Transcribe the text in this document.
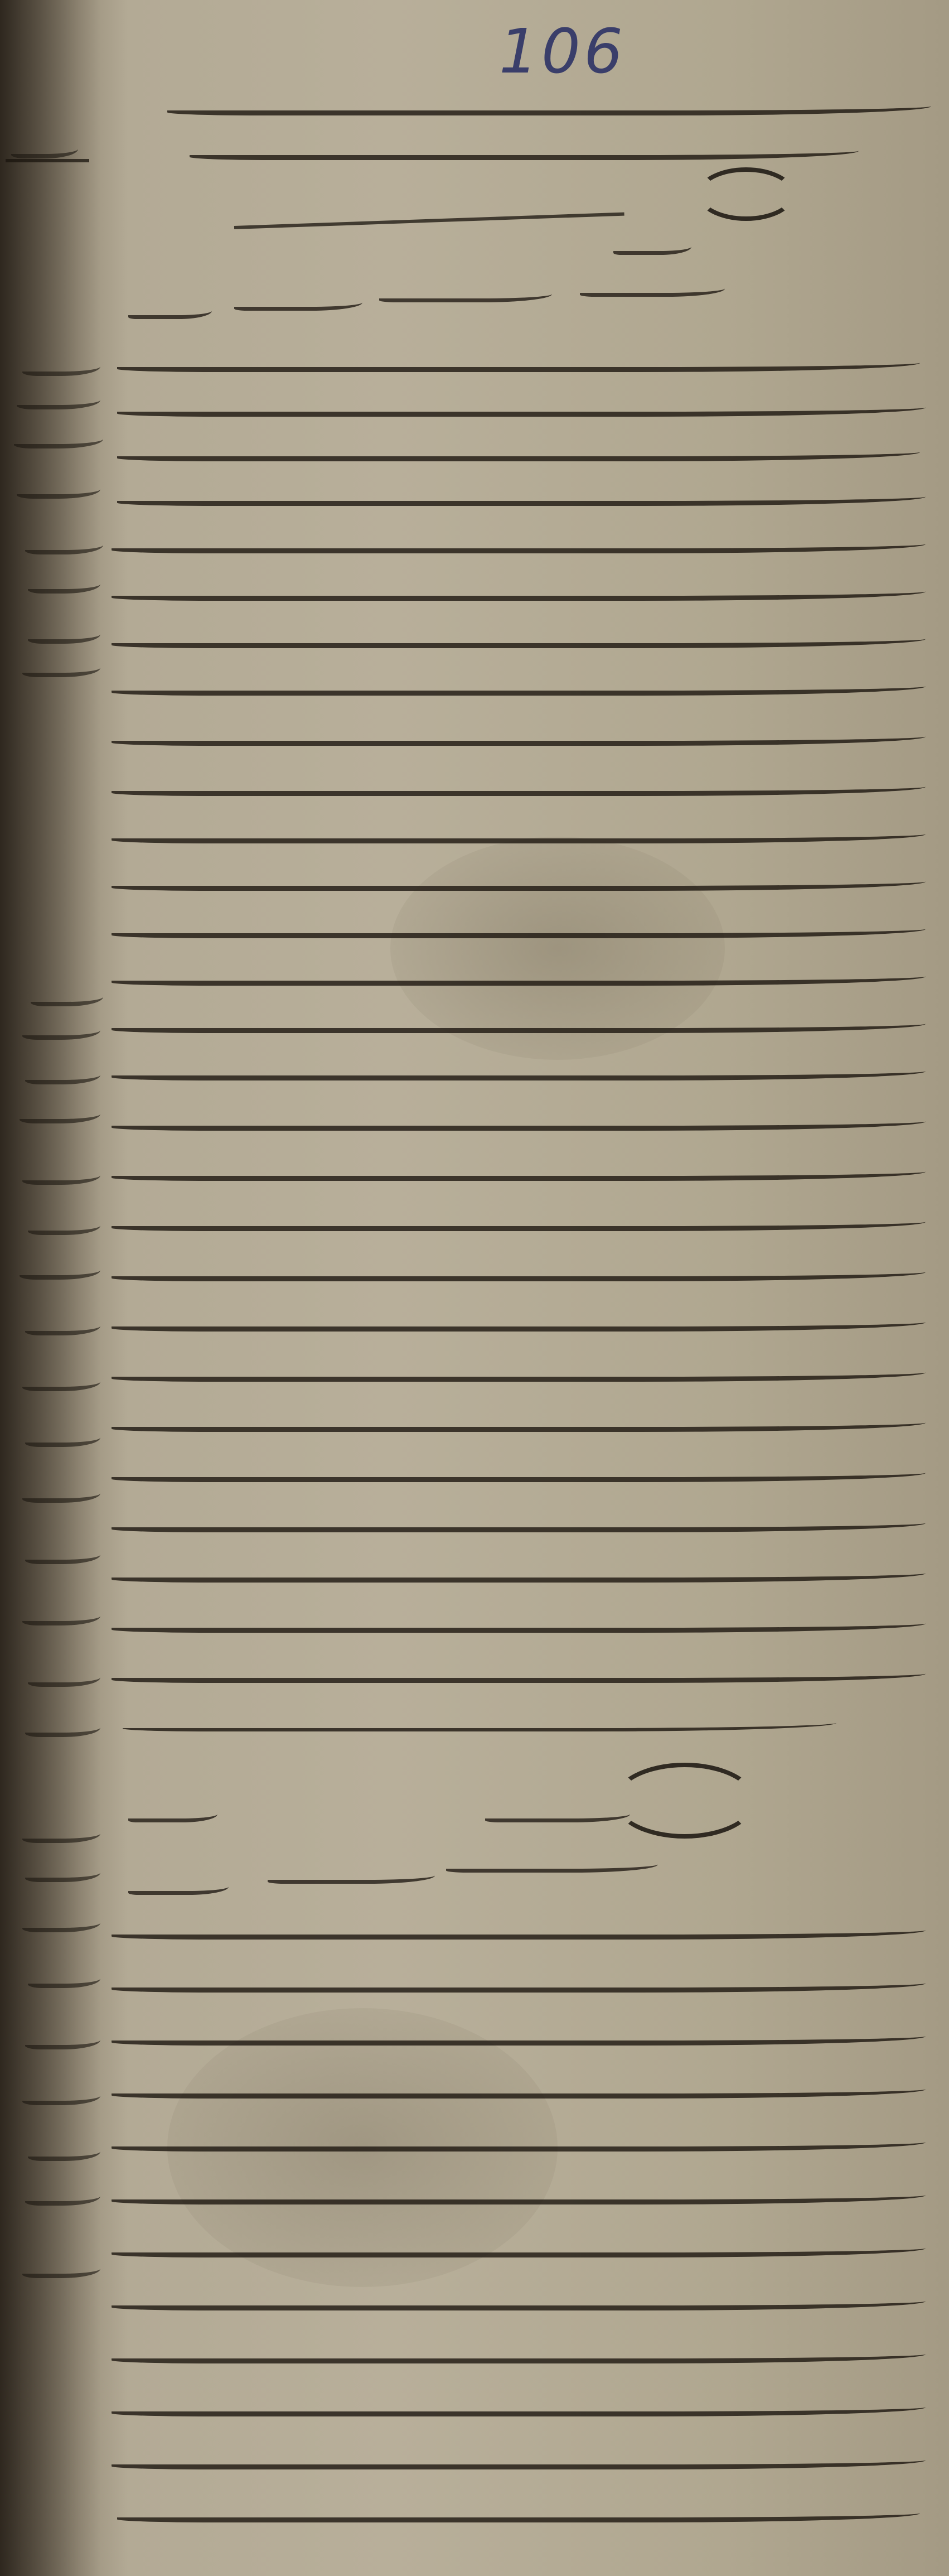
106
